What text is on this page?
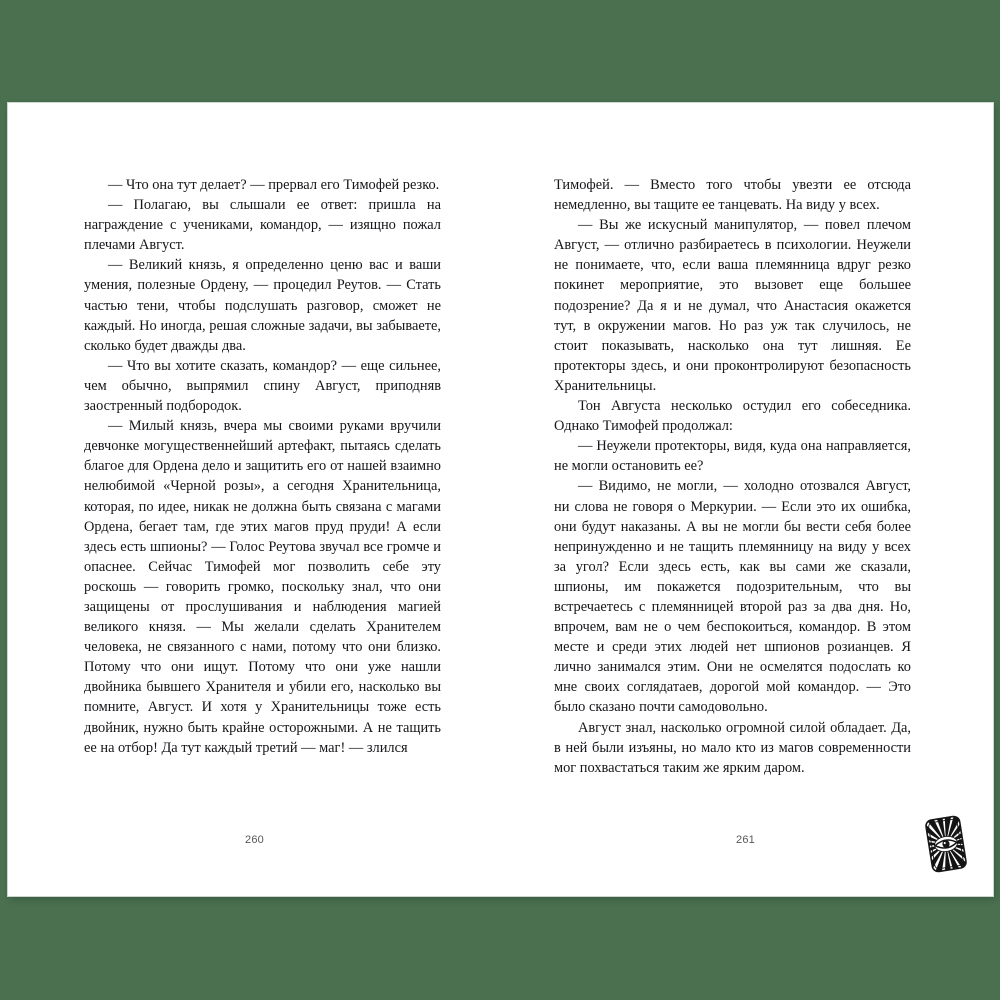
— Что она тут делает? — прервал его Тимофей резко.

— Полагаю, вы слышали ее ответ: пришла на награждение с учениками, командор, — изящно пожал плечами Август.

— Великий князь, я определенно ценю вас и ваши умения, полезные Ордену, — процедил Реутов. — Стать частью тени, чтобы подслушать разговор, сможет не каждый. Но иногда, решая сложные задачи, вы забываете, сколько будет дважды два.

— Что вы хотите сказать, командор? — еще сильнее, чем обычно, выпрямил спину Август, приподняв заостренный подбородок.

— Милый князь, вчера мы своими руками вручили девчонке могущественнейший артефакт, пытаясь сделать благое для Ордена дело и защитить его от нашей взаимно нелюбимой «Черной розы», а сегодня Хранительница, которая, по идее, никак не должна быть связана с магами Ордена, бегает там, где этих магов пруд пруди! А если здесь есть шпионы? — Голос Реутова звучал все громче и опаснее. Сейчас Тимофей мог позволить себе эту роскошь — говорить громко, поскольку знал, что они защищены от прослушивания и наблюдения магией великого князя. — Мы желали сделать Хранителем человека, не связанного с нами, потому что они близко. Потому что они ищут. Потому что они уже нашли двойника бывшего Хранителя и убили его, насколько вы помните, Август. И хотя у Хранительницы тоже есть двойник, нужно быть крайне осторожными. А не тащить ее на отбор! Да тут каждый третий — маг! — злился

260

Тимофей. — Вместо того чтобы увезти ее отсюда немедленно, вы тащите ее танцевать. На виду у всех.

— Вы же искусный манипулятор, — повел плечом Август, — отлично разбираетесь в психологии. Неужели не понимаете, что, если ваша племянница вдруг резко покинет мероприятие, это вызовет еще большее подозрение? Да я и не думал, что Анастасия окажется тут, в окружении магов. Но раз уж так случилось, не стоит показывать, насколько она тут лишняя. Ее протекторы здесь, и они проконтролируют безопасность Хранительницы.

Тон Августа несколько остудил его собеседника. Однако Тимофей продолжал:

— Неужели протекторы, видя, куда она направляется, не могли остановить ее?

— Видимо, не могли, — холодно отозвался Август, ни слова не говоря о Меркурии. — Если это их ошибка, они будут наказаны. А вы не могли бы вести себя более непринужденно и не тащить племянницу на виду у всех за угол? Если здесь есть, как вы сами же сказали, шпионы, им покажется подозрительным, что вы встречаетесь с племянницей второй раз за два дня. Но, впрочем, вам не о чем беспокоиться, командор. В этом месте и среди этих людей нет шпионов розианцев. Я лично занимался этим. Они не осмелятся подослать ко мне своих соглядатаев, дорогой мой командор. — Это было сказано почти самодовольно.

Август знал, насколько огромной силой обладает. Да, в ней были изъяны, но мало кто из магов современности мог похвастаться таким же ярким даром.

261
